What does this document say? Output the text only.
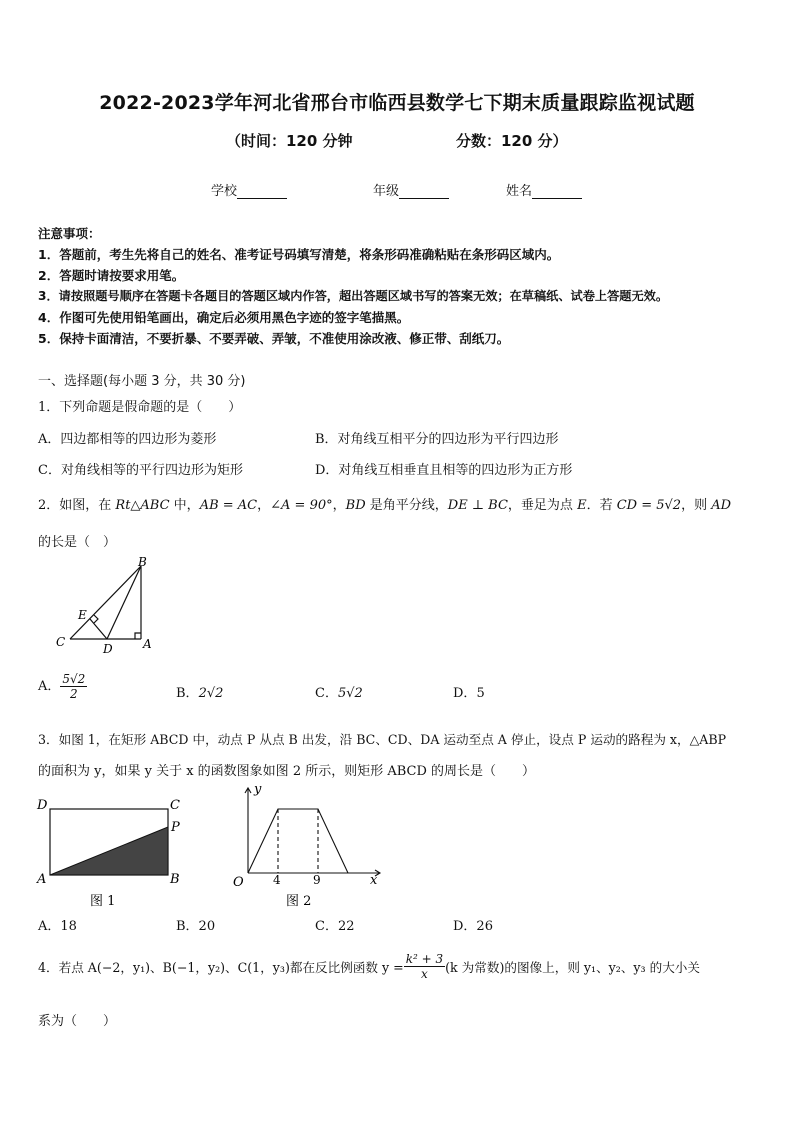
2022-2023学年河北省邢台市临西县数学七下期末质量跟踪监视试题
（时间：120 分钟	分数：120 分）
学校	年级	姓名
注意事项：
1．答题前，考生先将自己的姓名、准考证号码填写清楚，将条形码准确粘贴在条形码区域内。
2．答题时请按要求用笔。
3．请按照题号顺序在答题卡各题目的答题区域内作答，超出答题区域书写的答案无效；在草稿纸、试卷上答题无效。
4．作图可先使用铅笔画出，确定后必须用黑色字迹的签字笔描黑。
5．保持卡面清洁，不要折暴、不要弄破、弄皱，不准使用涂改液、修正带、刮纸刀。
一、选择题(每小题 3 分，共 30 分)
1．下列命题是假命题的是（　　）
A．四边都相等的四边形为菱形	B．对角线互相平分的四边形为平行四边形
C．对角线相等的平行四边形为矩形	D．对角线互相垂直且相等的四边形为正方形
2．如图，在 Rt△ABC 中，AB = AC，∠A = 90°，BD 是角平分线，DE ⊥ BC，垂足为点 E．若 CD = 5√2，则 AD
的长是（　）
B
E
C	D	A
A． $\frac{5√2}{2}$	B．2√2	C．5√2	D．5
3．如图 1，在矩形 ABCD 中，动点 P 从点 B 出发，沿 BC、CD、DA 运动至点 A 停止，设点 P 运动的路程为 x，△ABP
的面积为 y，如果 y 关于 x 的函数图象如图 2 所示，则矩形 ABCD 的周长是（　　）
D	C
P
A	B
图 1
y
O 4	9	x
图 2
A．18	B．20	C．22	D．26
4．若点 A(−2，y₁)、B(−1，y₂)、C(1，y₃)都在反比例函数 $y = \frac{\text{k² + 3}}{x} (k$ 为常数)的图像上，则 y₁、y₂、y₃ 的大小关
系为（　　）
